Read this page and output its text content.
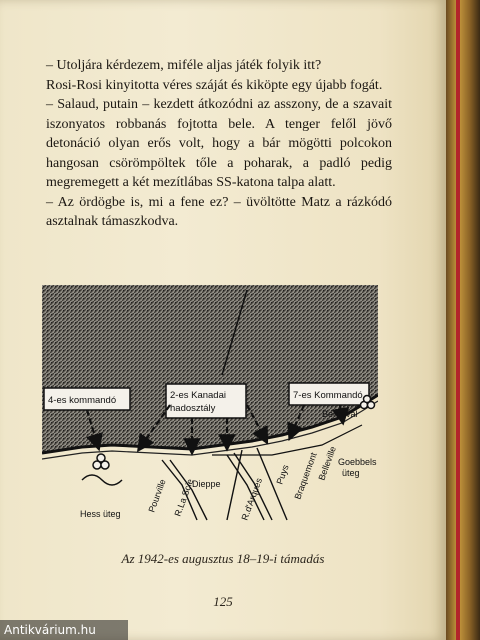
– Utoljára kérdezem, miféle aljas játék folyik itt?

Rosi-Rosi kinyitotta véres száját és kiköpte egy újabb fogát.

– Salaud, putain – kezdett átkozódni az asszony, de a szavait iszonyatos robbanás fojtotta bele. A tenger felől jövő detonáció olyan erős volt, hogy a bár mögötti polcokon hangosan csörömpöltek tőle a poharak, a padló pedig megremegett a két mezítlábas SS-katona talpa alatt.

– Az ördögbe is, mi a fene ez? – üvöltötte Matz a rázkódó asztalnak támaszkodva.

4-es kommandó	2-es Kanadai
hadosztály
7-es Kommandó
Berneval
Goebbels
üteg
Hess üteg
Dieppe
Pourville R.La Scie	R.d'Arques
Puys Braquemont
Belleville
Az 1942-es augusztus 18–19-i támadás
125
Antikvárium.hu
